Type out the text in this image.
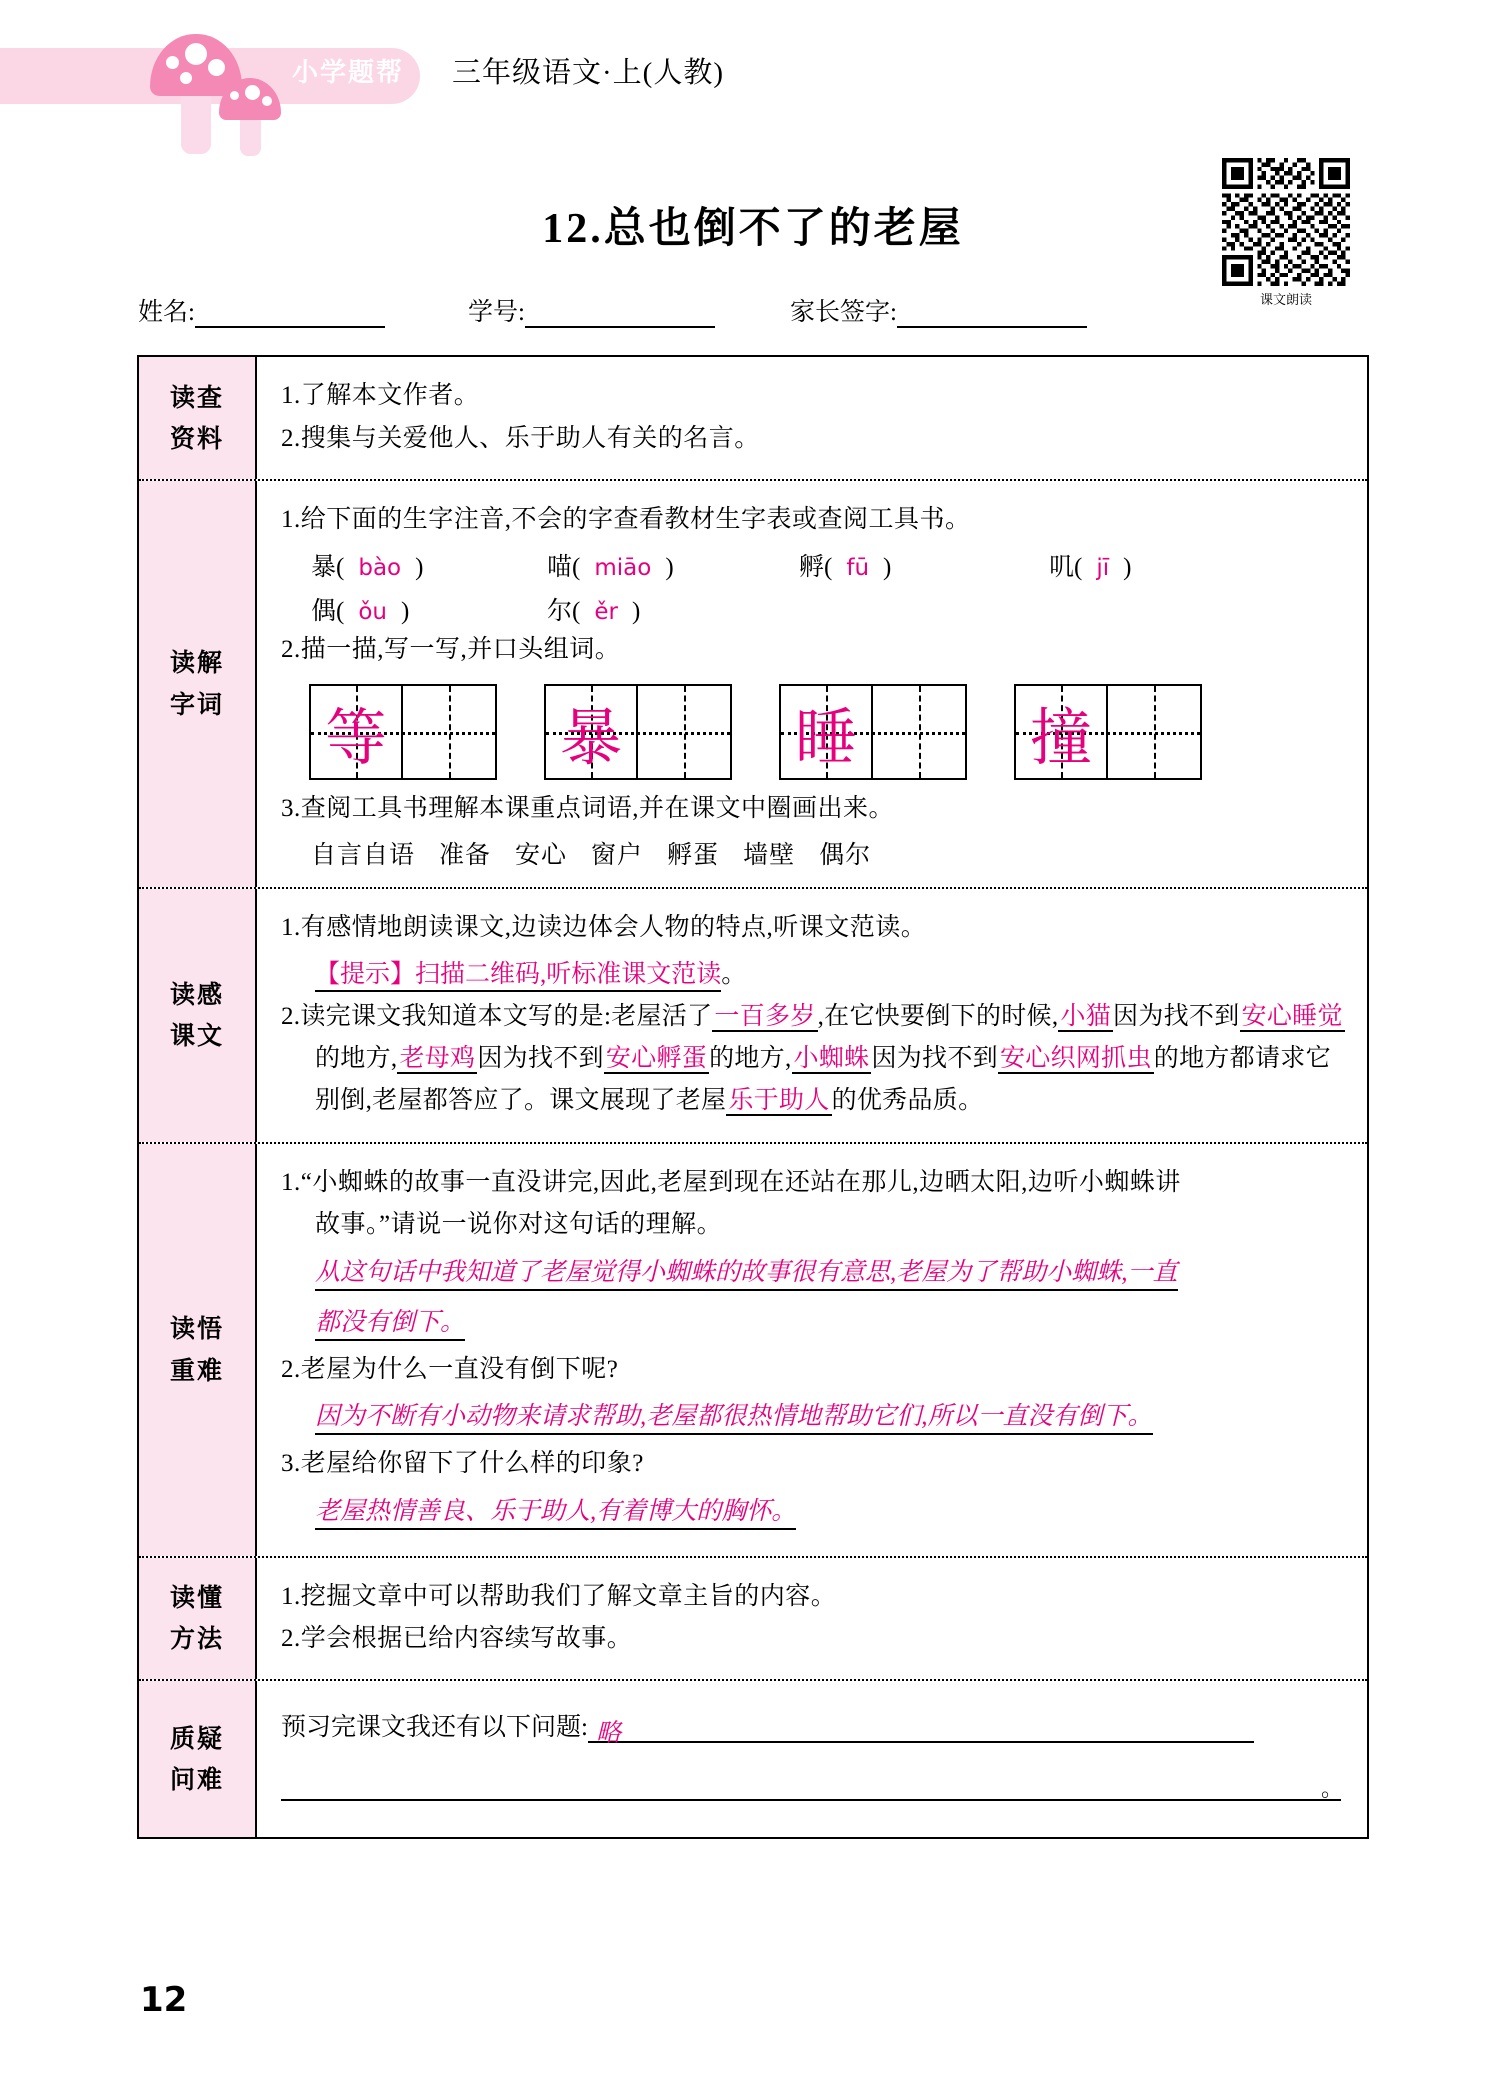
小学题帮 三年级语文·上(人教)
12.总也倒不了的老屋
课文朗读
姓名:	学号:	家长签字:
读查
资料
1.了解本文作者。
2.搜集与关爱他人、乐于助人有关的名言。
读解
字词
1.给下面的生字注音,不会的字查看教材生字表或查阅工具书。
暴( bào )	喵( miāo )	孵( fū )	叽( jī )
偶( ǒu )	尔( ěr )
2.描一描,写一写,并口头组词。
等	暴	睡	撞
3.查阅工具书理解本课重点词语,并在课文中圈画出来。
自言自语 准备 安心 窗户 孵蛋 墙壁 偶尔
读感
课文
1.有感情地朗读课文,边读边体会人物的特点,听课文范读。
【提示】扫描二维码,听标准课文范读。
2.读完课文我知道本文写的是:老屋活了一百多岁,在它快要倒下的时候,小猫因为找不到安心睡觉的地方,老母鸡因为找不到安心孵蛋的地方,小蜘蛛因为找不到安心织网抓虫的地方都请求它别倒,老屋都答应了。课文展现了老屋乐于助人的优秀品质。
读悟
重难
1.“小蜘蛛的故事一直没讲完,因此,老屋到现在还站在那儿,边晒太阳,边听小蜘蛛讲
故事。”请说一说你对这句话的理解。
从这句话中我知道了老屋觉得小蜘蛛的故事很有意思,老屋为了帮助小蜘蛛,一直
都没有倒下。
2.老屋为什么一直没有倒下呢?
因为不断有小动物来请求帮助,老屋都很热情地帮助它们,所以一直没有倒下。
3.老屋给你留下了什么样的印象?
老屋热情善良、乐于助人,有着博大的胸怀。
读懂
方法
1.挖掘文章中可以帮助我们了解文章主旨的内容。
2.学会根据已给内容续写故事。
质疑
问难
预习完课文我还有以下问题: 略
。
12
